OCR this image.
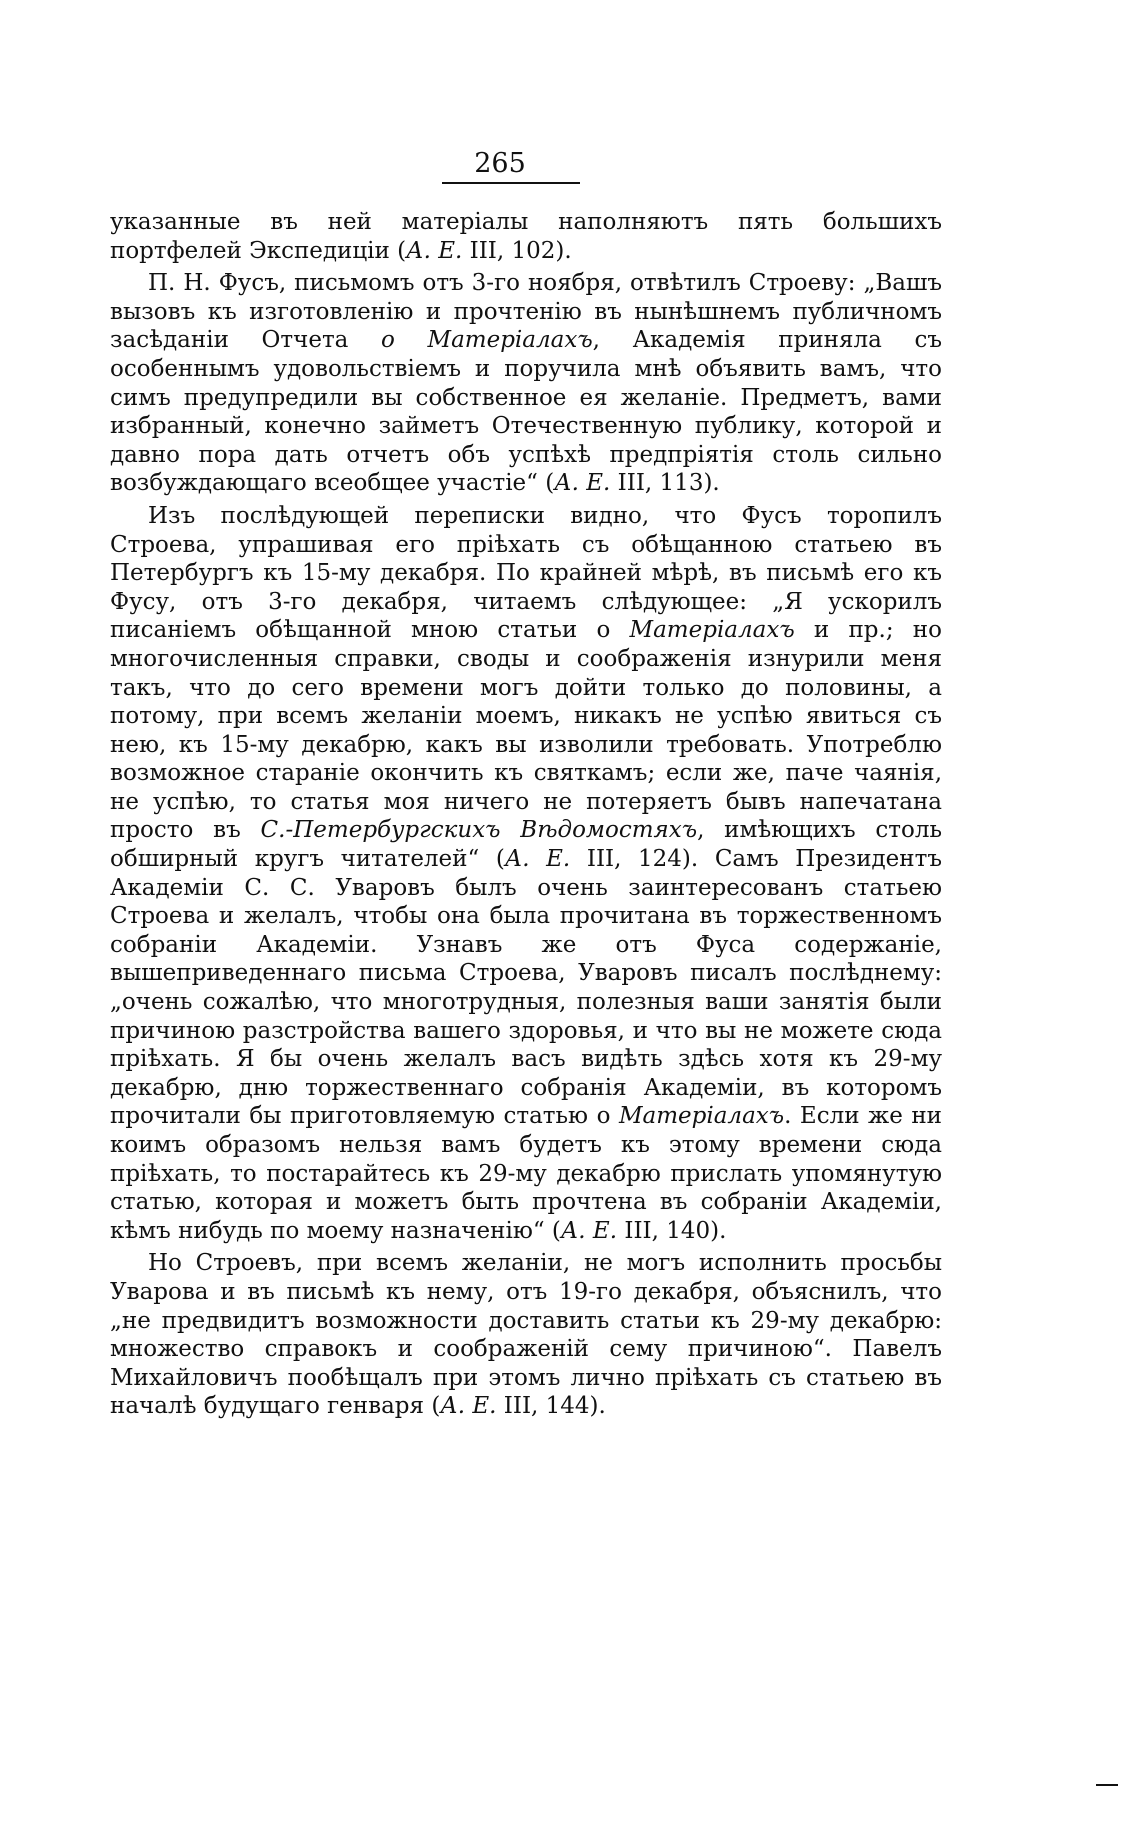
265

указанные въ ней матеріалы наполняютъ пять большихъ портфелей Экспедиціи (А. Е. III, 102).

П. Н. Фусъ, письмомъ отъ 3-го ноября, отвѣтилъ Строеву: „Вашъ вызовъ къ изготовленію и прочтенію въ нынѣшнемъ публичномъ засѣданіи Отчета о Матеріалахъ, Академія приняла съ особеннымъ удовольствіемъ и поручила мнѣ объявить вамъ, что симъ предупредили вы собственное ея желаніе. Предметъ, вами избранный, конечно займетъ Отечественную публику, которой и давно пора дать отчетъ объ успѣхѣ предпріятія столь сильно возбуждающаго всеобщее участіе“ (А. Е. III, 113).

Изъ послѣдующей переписки видно, что Фусъ торопилъ Строева, упрашивая его пріѣхать съ обѣщанною статьею въ Петербургъ къ 15-му декабря. По крайней мѣрѣ, въ письмѣ его къ Фусу, отъ 3-го декабря, читаемъ слѣдующее: „Я ускорилъ писаніемъ обѣщанной мною статьи о Матеріалахъ и пр.; но многочисленныя справки, своды и соображенія изнурили меня такъ, что до сего времени могъ дойти только до половины, а потому, при всемъ желаніи моемъ, никакъ не успѣю явиться съ нею, къ 15-му декабрю, какъ вы изволили требовать. Употреблю возможное стараніе окончить къ святкамъ; если же, паче чаянія, не успѣю, то статья моя ничего не потеряетъ бывъ напечатана просто въ С.-Петербургскихъ Вѣдомостяхъ, имѣющихъ столь обширный кругъ читателей“ (А. Е. III, 124). Самъ Президентъ Академіи С. С. Уваровъ былъ очень заинтересованъ статьею Строева и желалъ, чтобы она была прочитана въ торжественномъ собраніи Академіи. Узнавъ же отъ Фуса содержаніе, вышеприведеннаго письма Строева, Уваровъ писалъ послѣднему: „очень сожалѣю, что многотрудныя, полезныя ваши занятія были причиною разстройства вашего здоровья, и что вы не можете сюда пріѣхать. Я бы очень желалъ васъ видѣть здѣсь хотя къ 29-му декабрю, дню торжественнаго собранія Академіи, въ которомъ прочитали бы приготовляемую статью о Матеріалахъ. Если же ни коимъ образомъ нельзя вамъ будетъ къ этому времени сюда пріѣхать, то постарайтесь къ 29-му декабрю прислать упомянутую статью, которая и можетъ быть прочтена въ собраніи Академіи, кѣмъ нибудь по моему назначенію“ (А. Е. III, 140).

Но Строевъ, при всемъ желаніи, не могъ исполнить просьбы Уварова и въ письмѣ къ нему, отъ 19-го декабря, объяснилъ, что „не предвидитъ возможности доставить статьи къ 29-му декабрю: множество справокъ и соображеній сему причиною“. Павелъ Михайловичъ пообѣщалъ при этомъ лично пріѣхать съ статьею въ началѣ будущаго генваря (А. Е. III, 144).
